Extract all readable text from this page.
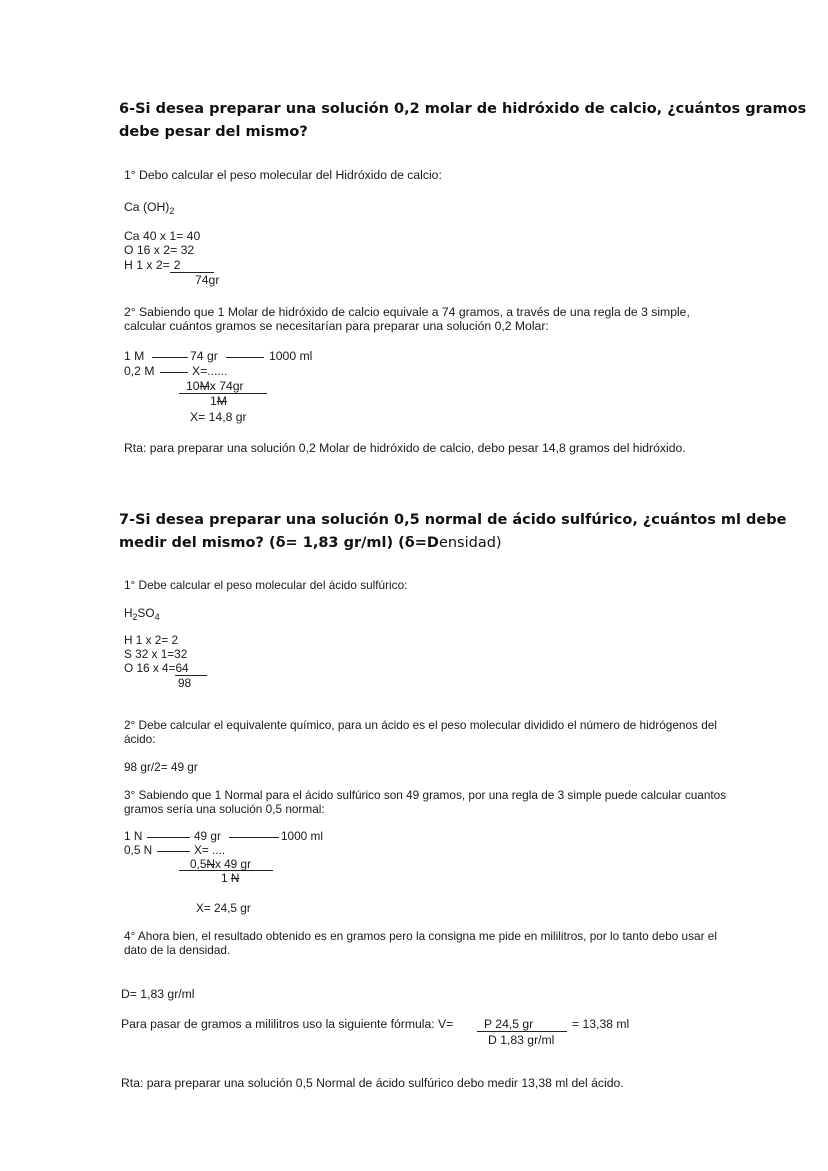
6-Si desea preparar una solución 0,2 molar de hidróxido de calcio, ¿cuántos gramos
debe pesar del mismo?
1° Debo calcular el peso molecular del Hidróxido de calcio:
Ca $(OH)_2$
Ca 40 x 1= 40
O 16 x 2= 32
H 1 x 2= 2
74gr
2° Sabiendo que 1 Molar de hidróxido de calcio equivale a 74 gramos, a través de una regla de 3 simple,
calcular cuántos gramos se necesitarían para preparar una solución 0,2 Molar:
1 M	74 gr	1000 ml
0,2 M	X=......
10Mx 74gr
1M
X= 14,8 gr
Rta: para preparar una solución 0,2 Molar de hidróxido de calcio, debo pesar 14,8 gramos del hidróxido.
7-Si desea preparar una solución 0,5 normal de ácido sulfúrico, ¿cuántos ml debe
medir del mismo? (δ= 1,83 gr/ml) (δ=Densidad)
1° Debe calcular el peso molecular del ácido sulfúrico:
$H_2SO_4$
H 1 x 2= 2
S 32 x 1=32
O 16 x 4=64
98
2° Debe calcular el equivalente químico, para un ácido es el peso molecular dividido el número de hidrógenos del
ácido:
98 gr/2= 49 gr
3° Sabiendo que 1 Normal para el ácido sulfúrico son 49 gramos, por una regla de 3 simple puede calcular cuantos
gramos sería una solución 0,5 normal:
1 N	49 gr	1000 ml
0,5 N	X= ....
0,5Nx 49 gr
1 N
X= 24,5 gr
4° Ahora bien, el resultado obtenido es en gramos pero la consigna me pide en mililitros, por lo tanto debo usar el
dato de la densidad.
D= 1,83 gr/ml
Para pasar de gramos a mililitros uso la siguiente fórmula: V=	P 24,5 gr
D 1,83 gr/ml
= 13,38 ml
Rta: para preparar una solución 0,5 Normal de ácido sulfúrico debo medir 13,38 ml del ácido.
